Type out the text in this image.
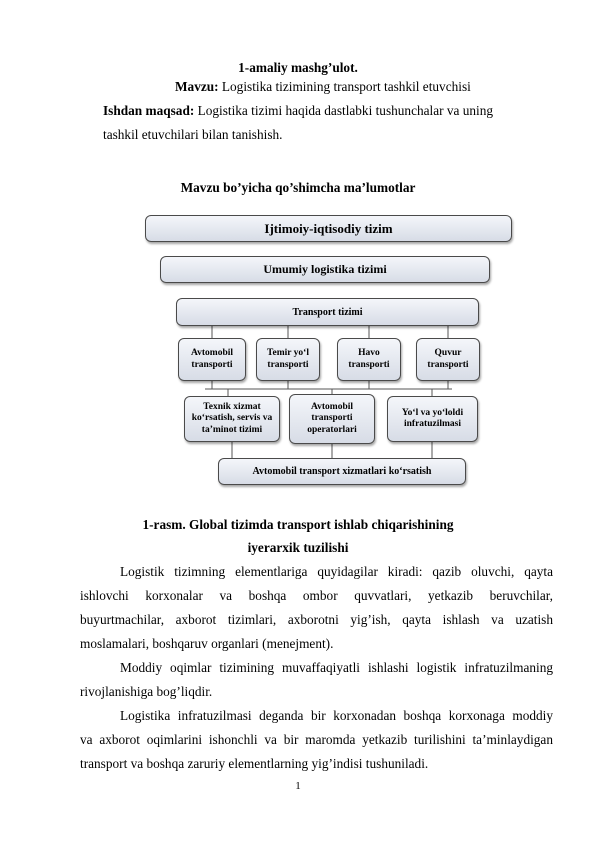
1-amaliy mashg’ulot.
Mavzu: Logistika tizimining transport tashkil etuvchisi
Ishdan maqsad: Logistika tizimi haqida dastlabki tushunchalar va uning
tashkil etuvchilari bilan tanishish.
Mavzu bo’yicha qo’shimcha ma’lumotlar
Ijtimoiy-iqtisodiy tizim
Umumiy logistika tizimi
Transport tizimi
Avtomobil
transporti
Temir yo‘l
transporti
Havo
transporti
Quvur
transporti
Texnik xizmat
ko‘rsatish, servis va
ta’minot tizimi
Avtomobil
transporti
operatorlari
Yo‘l va yo‘loldi
infratuzilmasi
Avtomobil transport xizmatlari ko‘rsatish
1-rasm. Global tizimda transport ishlab chiqarishining
iyerarxik tuzilishi
Logistik tizimning elementlariga quyidagilar kiradi: qazib oluvchi, qayta
ishlovchi korxonalar va boshqa ombor quvvatlari, yetkazib beruvchilar,
buyurtmachilar, axborot tizimlari, axborotni yig’ish, qayta ishlash va uzatish
moslamalari, boshqaruv organlari (menejment).
Moddiy oqimlar tizimining muvaffaqiyatli ishlashi logistik infratuzilmaning
rivojlanishiga bog’liqdir.
Logistika infratuzilmasi deganda bir korxonadan boshqa korxonaga moddiy
va axborot oqimlarini ishonchli va bir maromda yetkazib turilishini ta’minlaydigan
transport va boshqa zaruriy elementlarning yig’indisi tushuniladi.
1
